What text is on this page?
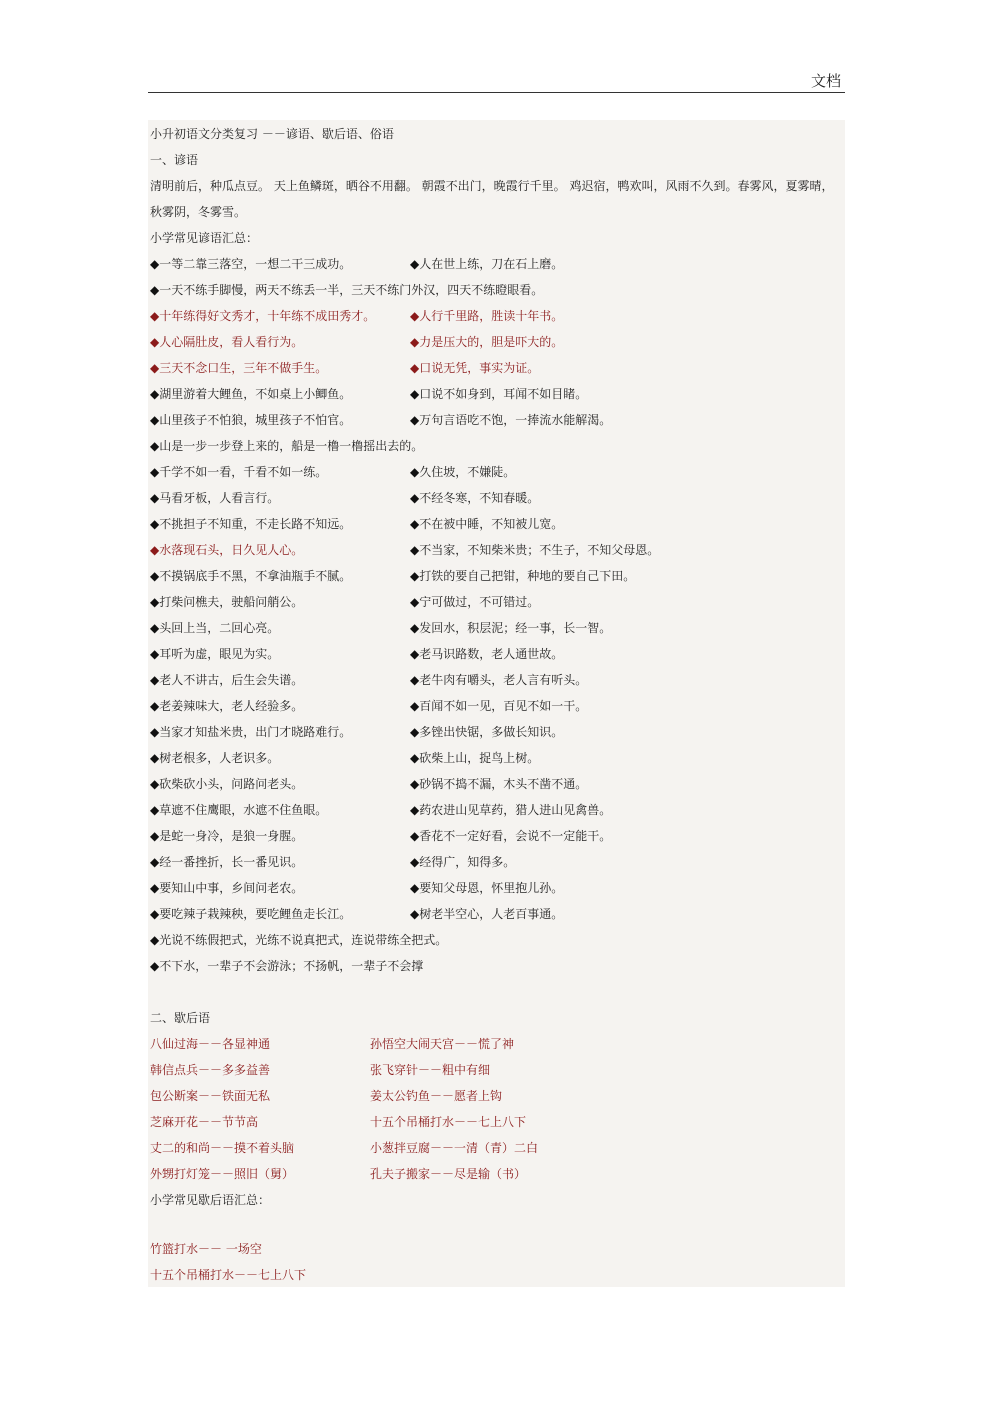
文档
小升初语文分类复习 －－谚语、歇后语、俗语
一、谚语
清明前后，种瓜点豆。 天上鱼鳞斑，晒谷不用翻。 朝霞不出门，晚霞行千里。 鸡迟宿，鸭欢叫，风雨不久到。春雾风，夏雾晴，秋雾阴，冬雾雪。
小学常见谚语汇总：
◆一等二靠三落空，一想二干三成功。	◆人在世上练，刀在石上磨。
◆一天不练手脚慢，两天不练丢一半，三天不练门外汉，四天不练瞪眼看。
◆十年练得好文秀才，十年练不成田秀才。	◆人行千里路，胜读十年书。
◆人心隔肚皮，看人看行为。	◆力是压大的，胆是吓大的。
◆三天不念口生，三年不做手生。	◆口说无凭，事实为证。
◆湖里游着大鲤鱼，不如桌上小鲫鱼。	◆口说不如身到，耳闻不如目睹。
◆山里孩子不怕狼，城里孩子不怕官。	◆万句言语吃不饱，一捧流水能解渴。
◆山是一步一步登上来的，船是一橹一橹摇出去的。
◆千学不如一看，千看不如一练。	◆久住坡，不嫌陡。
◆马看牙板，人看言行。	◆不经冬寒，不知春暖。
◆不挑担子不知重，不走长路不知远。	◆不在被中睡，不知被儿宽。
◆水落现石头，日久见人心。	◆不当家，不知柴米贵；不生子，不知父母恩。
◆不摸锅底手不黑，不拿油瓶手不腻。	◆打铁的要自己把钳，种地的要自己下田。
◆打柴问樵夫，驶船问艄公。	◆宁可做过，不可错过。
◆头回上当，二回心亮。	◆发回水，积层泥；经一事，长一智。
◆耳听为虚，眼见为实。	◆老马识路数，老人通世故。
◆老人不讲古，后生会失谱。	◆老牛肉有嚼头，老人言有听头。
◆老姜辣味大，老人经验多。	◆百闻不如一见，百见不如一干。
◆当家才知盐米贵，出门才晓路难行。	◆多锉出快锯，多做长知识。
◆树老根多，人老识多。	◆砍柴上山，捉鸟上树。
◆砍柴砍小头，问路问老头。	◆砂锅不捣不漏，木头不凿不通。
◆草遮不住鹰眼，水遮不住鱼眼。	◆药农进山见草药，猎人进山见禽兽。
◆是蛇一身冷，是狼一身腥。	◆香花不一定好看，会说不一定能干。
◆经一番挫折，长一番见识。	◆经得广，知得多。
◆要知山中事，乡间问老农。	◆要知父母恩，怀里抱儿孙。
◆要吃辣子栽辣秧，要吃鲤鱼走长江。	◆树老半空心，人老百事通。
◆光说不练假把式，光练不说真把式，连说带练全把式。
◆不下水，一辈子不会游泳；不扬帆，一辈子不会撑
二、歇后语
八仙过海－－各显神通	孙悟空大闹天宫－－慌了神
韩信点兵－－多多益善	张飞穿针－－粗中有细
包公断案－－铁面无私	姜太公钓鱼－－愿者上钩
芝麻开花－－节节高	十五个吊桶打水－－七上八下
丈二的和尚－－摸不着头脑	小葱拌豆腐－－一清（青）二白
外甥打灯笼－－照旧（舅）	孔夫子搬家－－尽是输（书）
小学常见歇后语汇总：
竹篮打水－－ 一场空
十五个吊桶打水－－七上八下
